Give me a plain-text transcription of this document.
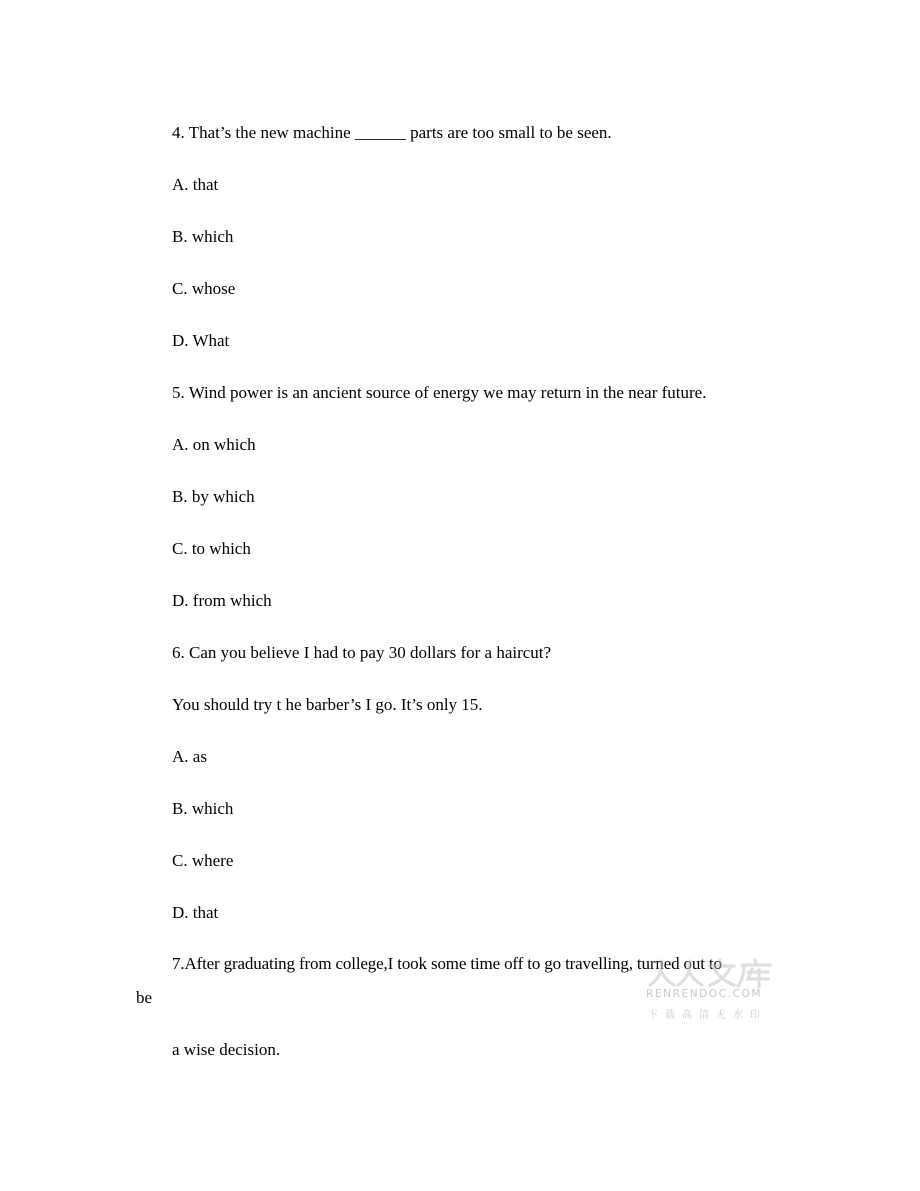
4. That’s the new machine ______ parts are too small to be seen.
A. that
B. which
C. whose
D. What
5. Wind power is an ancient source of energy we may return in the near future.
A. on which
B. by which
C. to which
D. from which
6. Can you believe I had to pay 30 dollars for a haircut?
You should try t he barber’s I go. It’s only 15.
A. as
B. which
C. where
D. that
7.After graduating from college,I took some time off to go travelling, turned out to
be
a wise decision.
RENRENDOC.COM
下载高清无水印
